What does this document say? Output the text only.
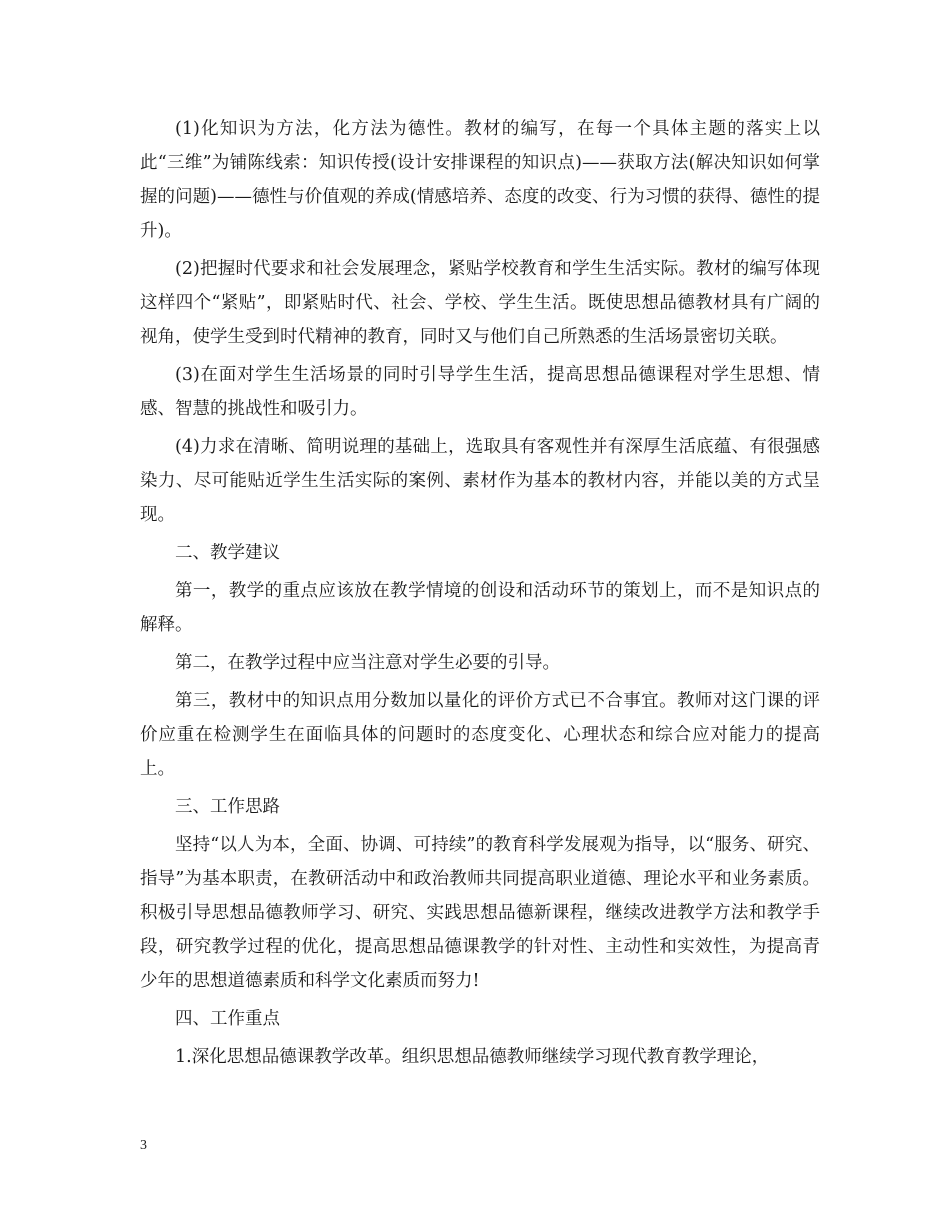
(1)化知识为方法，化方法为德性。教材的编写，在每一个具体主题的落实上以此“三维”为铺陈线索：知识传授(设计安排课程的知识点)——获取方法(解决知识如何掌握的问题)——德性与价值观的养成(情感培养、态度的改变、行为习惯的获得、德性的提升)。

(2)把握时代要求和社会发展理念，紧贴学校教育和学生生活实际。教材的编写体现这样四个“紧贴”，即紧贴时代、社会、学校、学生生活。既使思想品德教材具有广阔的视角，使学生受到时代精神的教育，同时又与他们自己所熟悉的生活场景密切关联。

(3)在面对学生生活场景的同时引导学生生活，提高思想品德课程对学生思想、情感、智慧的挑战性和吸引力。

(4)力求在清晰、简明说理的基础上，选取具有客观性并有深厚生活底蕴、有很强感染力、尽可能贴近学生生活实际的案例、素材作为基本的教材内容，并能以美的方式呈现。

二、教学建议

第一，教学的重点应该放在教学情境的创设和活动环节的策划上，而不是知识点的解释。

第二，在教学过程中应当注意对学生必要的引导。

第三，教材中的知识点用分数加以量化的评价方式已不合事宜。教师对这门课的评价应重在检测学生在面临具体的问题时的态度变化、心理状态和综合应对能力的提高上。

三、工作思路

坚持“以人为本，全面、协调、可持续”的教育科学发展观为指导，以“服务、研究、指导”为基本职责，在教研活动中和政治教师共同提高职业道德、理论水平和业务素质。积极引导思想品德教师学习、研究、实践思想品德新课程，继续改进教学方法和教学手段，研究教学过程的优化，提高思想品德课教学的针对性、主动性和实效性，为提高青少年的思想道德素质和科学文化素质而努力!

四、工作重点

1.深化思想品德课教学改革。组织思想品德教师继续学习现代教育教学理论，

3
